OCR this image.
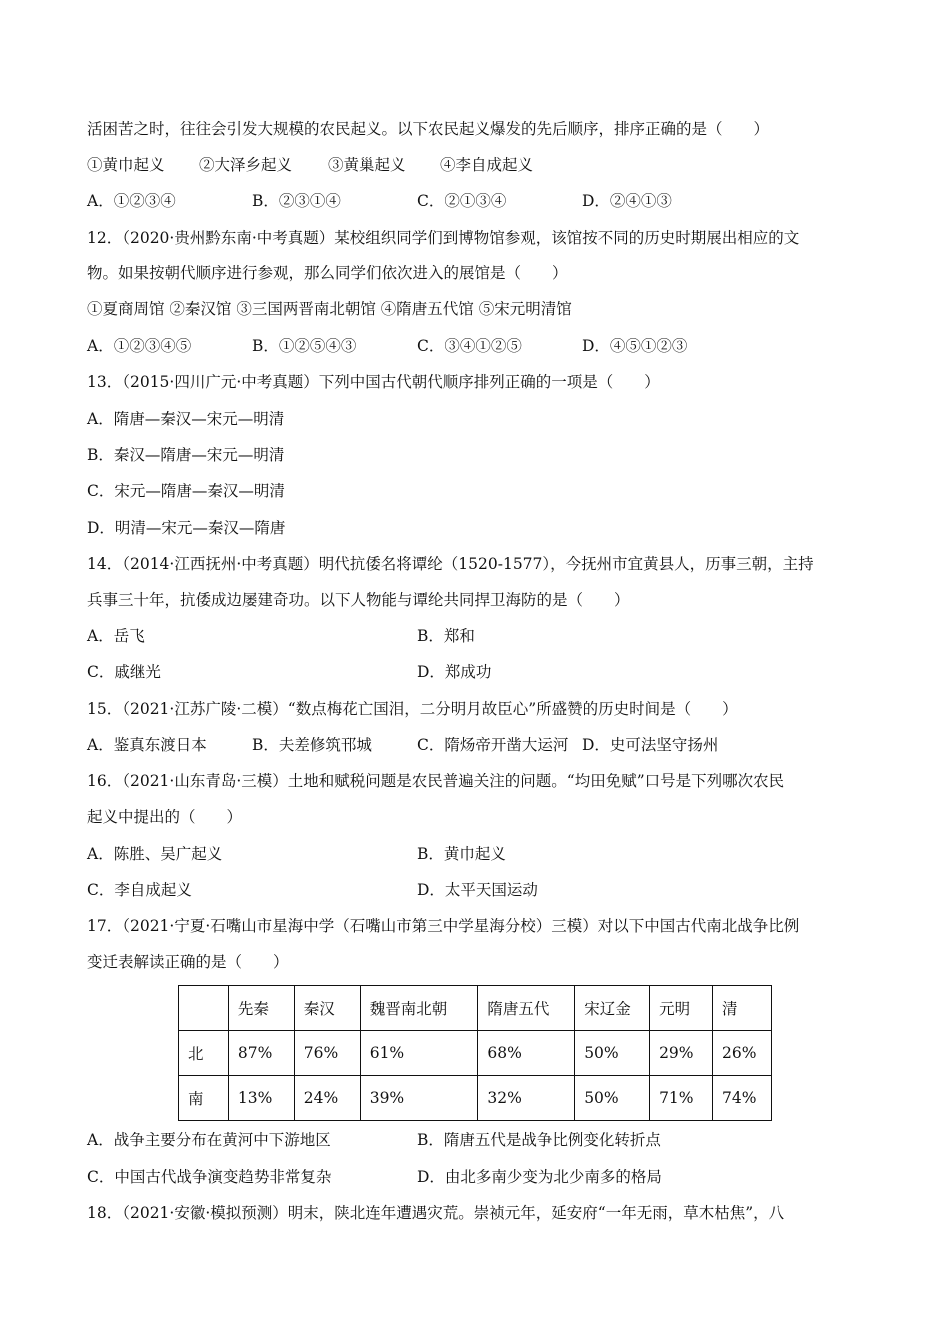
活困苦之时，往往会引发大规模的农民起义。以下农民起义爆发的先后顺序，排序正确的是（　　）
①黄巾起义 ②大泽乡起义 ③黄巢起义 ④李自成起义
A．①②③④	B．②③①④	C．②①③④	D．②④①③
12．（2020·贵州黔东南·中考真题）某校组织同学们到博物馆参观，该馆按不同的历史时期展出相应的文
物。如果按朝代顺序进行参观，那么同学们依次进入的展馆是（　　）
①夏商周馆 ②秦汉馆 ③三国两晋南北朝馆 ④隋唐五代馆 ⑤宋元明清馆
A．①②③④⑤	B．①②⑤④③	C．③④①②⑤	D．④⑤①②③
13．（2015·四川广元·中考真题）下列中国古代朝代顺序排列正确的一项是（　　）
A．隋唐—秦汉—宋元—明清
B．秦汉—隋唐—宋元—明清
C．宋元—隋唐—秦汉—明清
D．明清—宋元—秦汉—隋唐
14．（2014·江西抚州·中考真题）明代抗倭名将谭纶（1520-1577），今抚州市宜黄县人，历事三朝，主持
兵事三十年，抗倭成边屡建奇功。以下人物能与谭纶共同捍卫海防的是（　　）
A．岳飞	B．郑和
C．戚继光	D．郑成功
15．（2021·江苏广陵·二模）“数点梅花亡国泪，二分明月故臣心”所盛赞的历史时间是（　　）
A．鉴真东渡日本	B．夫差修筑邗城	C．隋炀帝开凿大运河 D．史可法坚守扬州
16．（2021·山东青岛·三模）土地和赋税问题是农民普遍关注的问题。“均田免赋”口号是下列哪次农民
起义中提出的（　　）
A．陈胜、吴广起义	B．黄巾起义
C．李自成起义	D．太平天国运动
17．（2021·宁夏·石嘴山市星海中学（石嘴山市第三中学星海分校）三模）对以下中国古代南北战争比例
变迁表解读正确的是（　　）
	先秦	秦汉	魏晋南北朝	隋唐五代	宋辽金	元明	清
北	87%	76%	61%	68%	50%	29%	26%
南	13%	24%	39%	32%	50%	71%	74%
A．战争主要分布在黄河中下游地区	B．隋唐五代是战争比例变化转折点
C．中国古代战争演变趋势非常复杂	D．由北多南少变为北少南多的格局
18．（2021·安徽·模拟预测）明末，陕北连年遭遇灾荒。崇祯元年，延安府“一年无雨，草木枯焦”，八
